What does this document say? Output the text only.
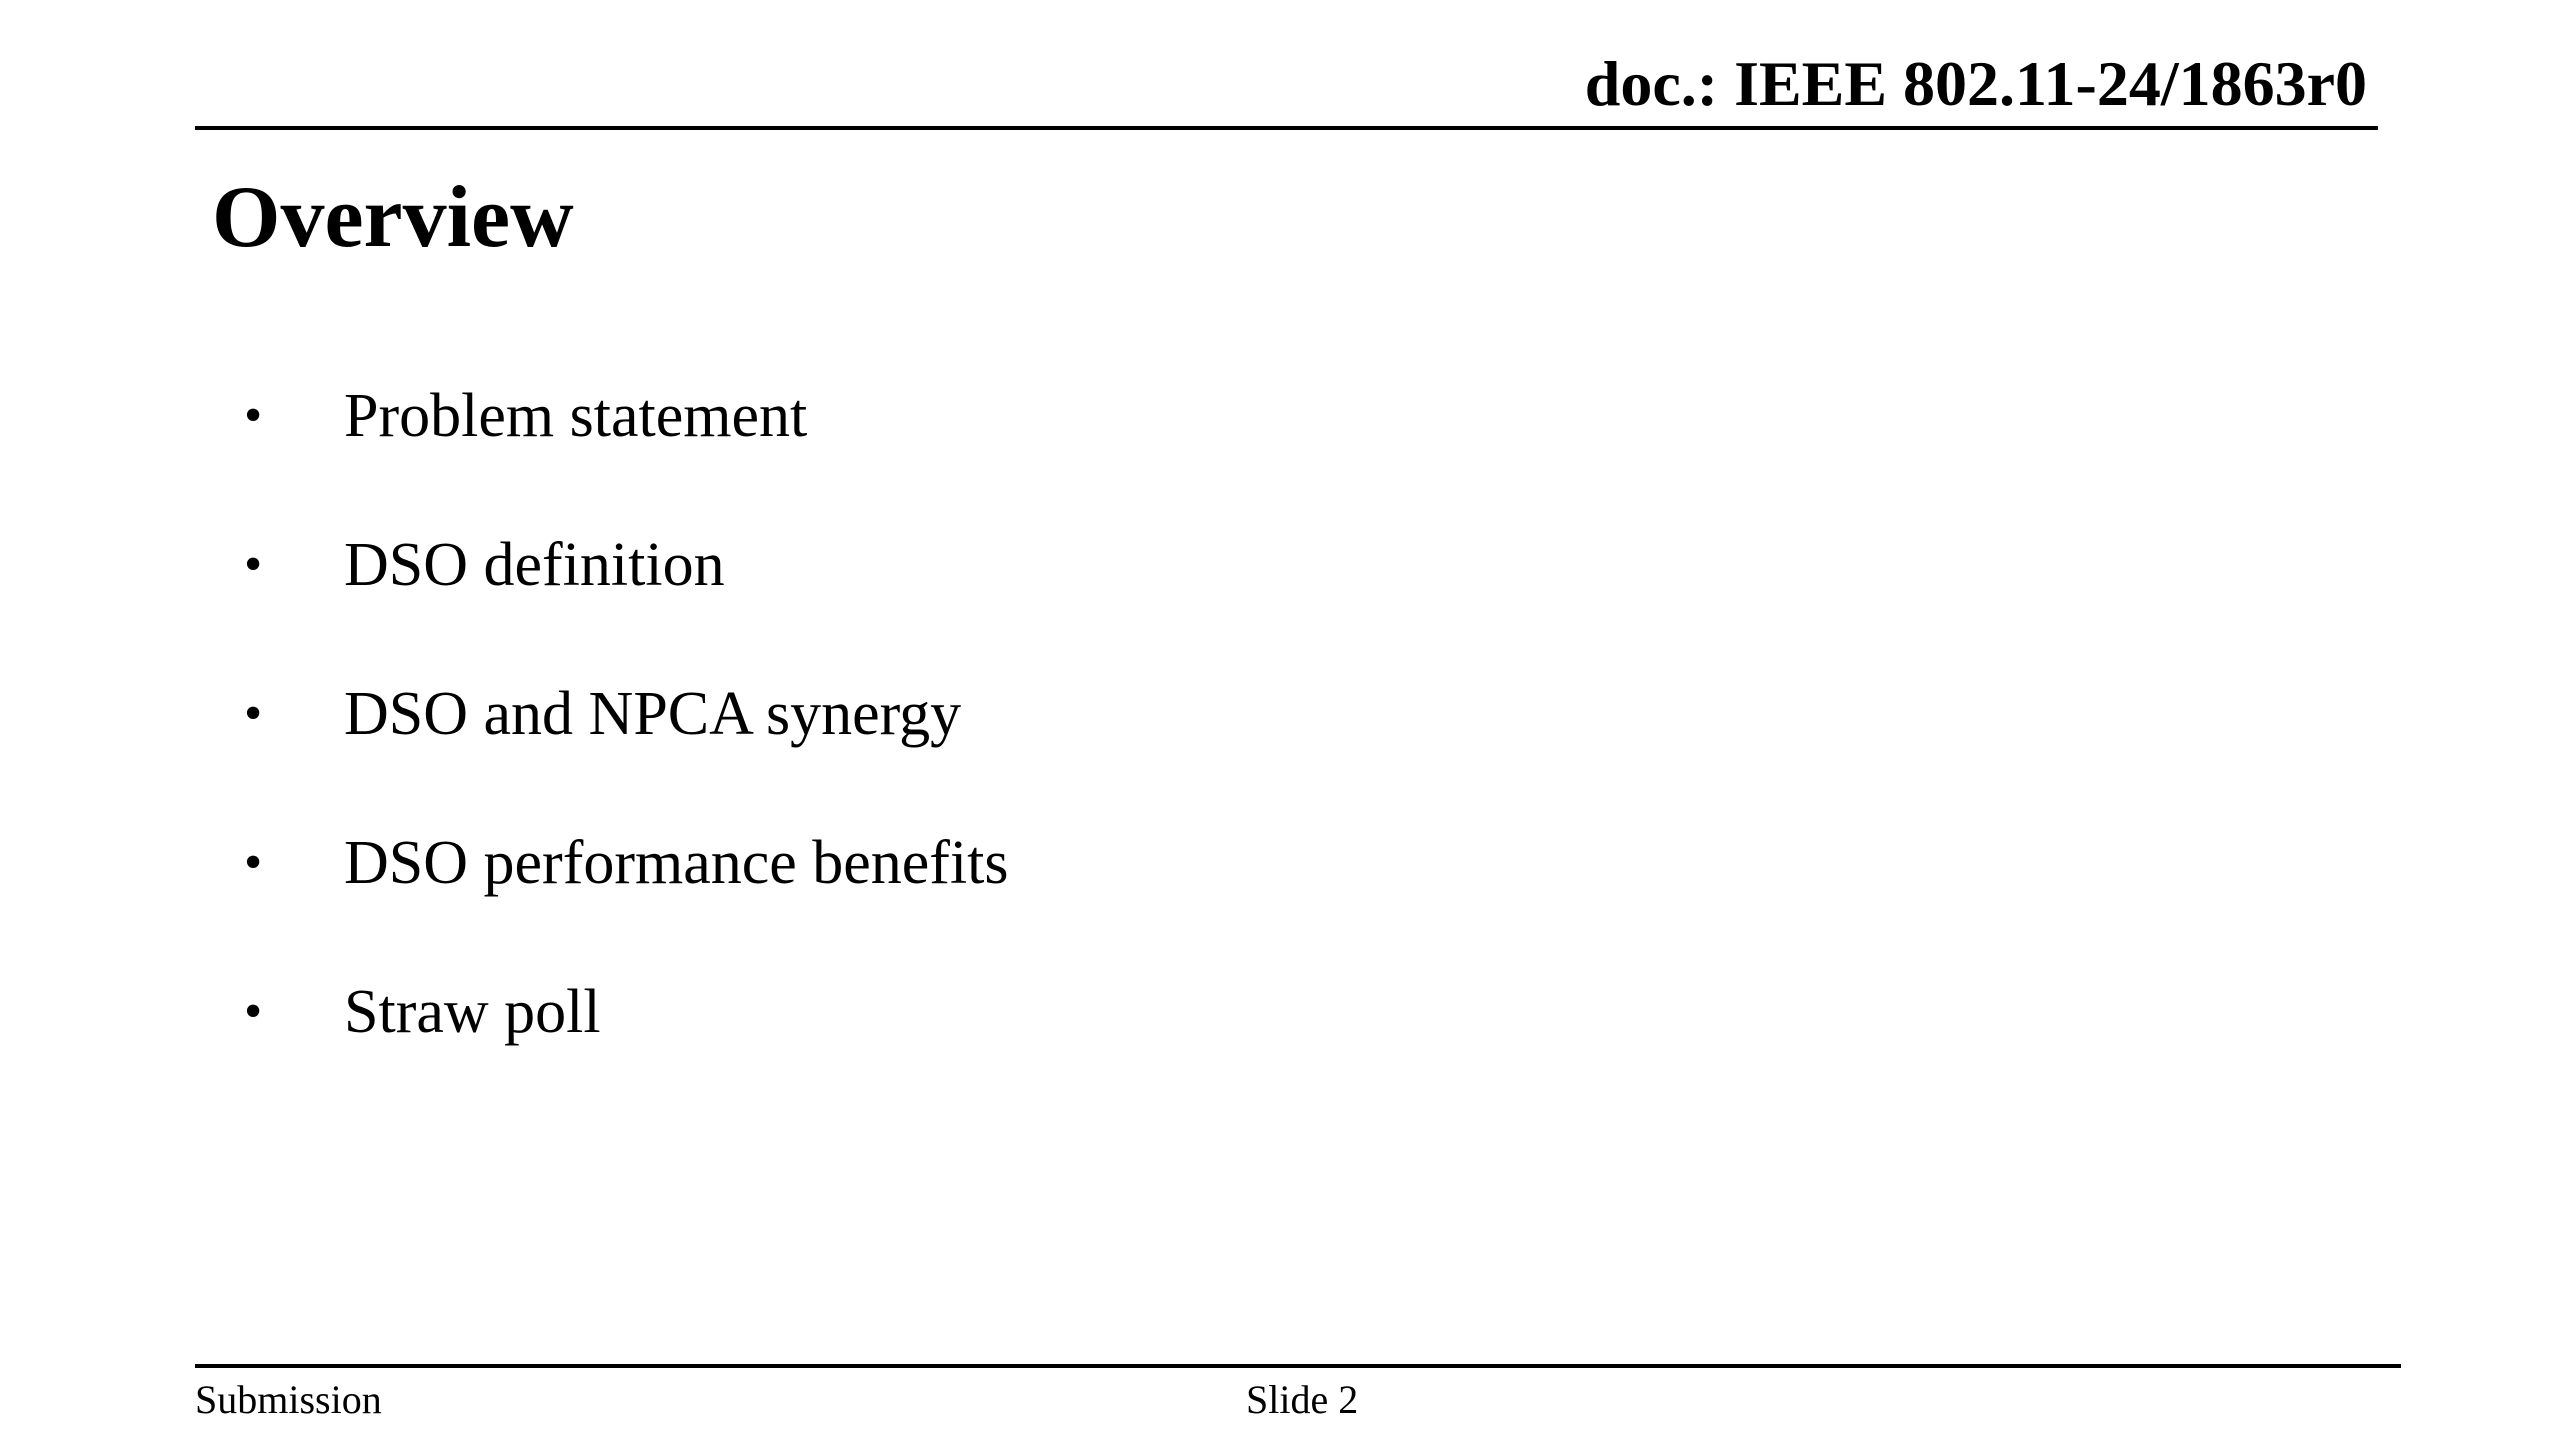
doc.: IEEE 802.11-24/1863r0
Overview
•	Problem statement
•	DSO definition
•	DSO and NPCA synergy
•	DSO performance benefits
•	Straw poll
Submission	Slide 2
